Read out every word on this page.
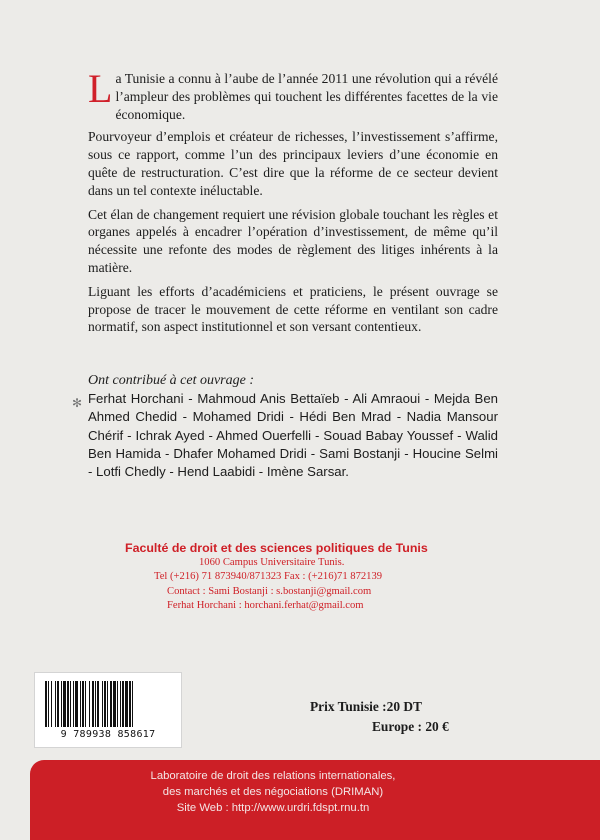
La Tunisie a connu à l’aube de l’année 2011 une révolution qui a révélé l’ampleur des problèmes qui touchent les différentes facettes de la vie économique.

Pourvoyeur d’emplois et créateur de richesses, l’investissement s’affirme, sous ce rapport, comme l’un des principaux leviers d’une économie en quête de restructuration. C’est dire que la réforme de ce secteur devient dans un tel contexte inéluctable.

Cet élan de changement requiert une révision globale touchant les règles et organes appelés à encadrer l’opération d’investissement, de même qu’il nécessite une refonte des modes de règlement des litiges inhérents à la matière.

Liguant les efforts d’académiciens et praticiens, le présent ouvrage se propose de tracer le mouvement de cette réforme en ventilant son cadre normatif, son aspect institutionnel et son versant contentieux.

✻
Ont contribué à cet ouvrage :
Ferhat Horchani - Mahmoud Anis Bettaïeb - Ali Amraoui - Mejda Ben Ahmed Chedid - Mohamed Dridi - Hédi Ben Mrad - Nadia Mansour Chérif - Ichrak Ayed - Ahmed Ouerfelli - Souad Babay Youssef - Walid Ben Hamida - Dhafer Mohamed Dridi - Sami Bostanji - Houcine Selmi - Lotfi Chedly - Hend Laabidi - Imène Sarsar.
Faculté de droit et des sciences politiques de Tunis
1060 Campus Universitaire Tunis.
Tel (+216) 71 873940/871323 Fax : (+216)71 872139
Contact : Sami Bostanji : s.bostanji@gmail.com
Ferhat Horchani : horchani.ferhat@gmail.com
9 789938 858617
Prix Tunisie :20 DT
Europe : 20 €
Laboratoire de droit des relations internationales,
des marchés et des négociations (DRIMAN)
Site Web : http://www.urdri.fdspt.rnu.tn
